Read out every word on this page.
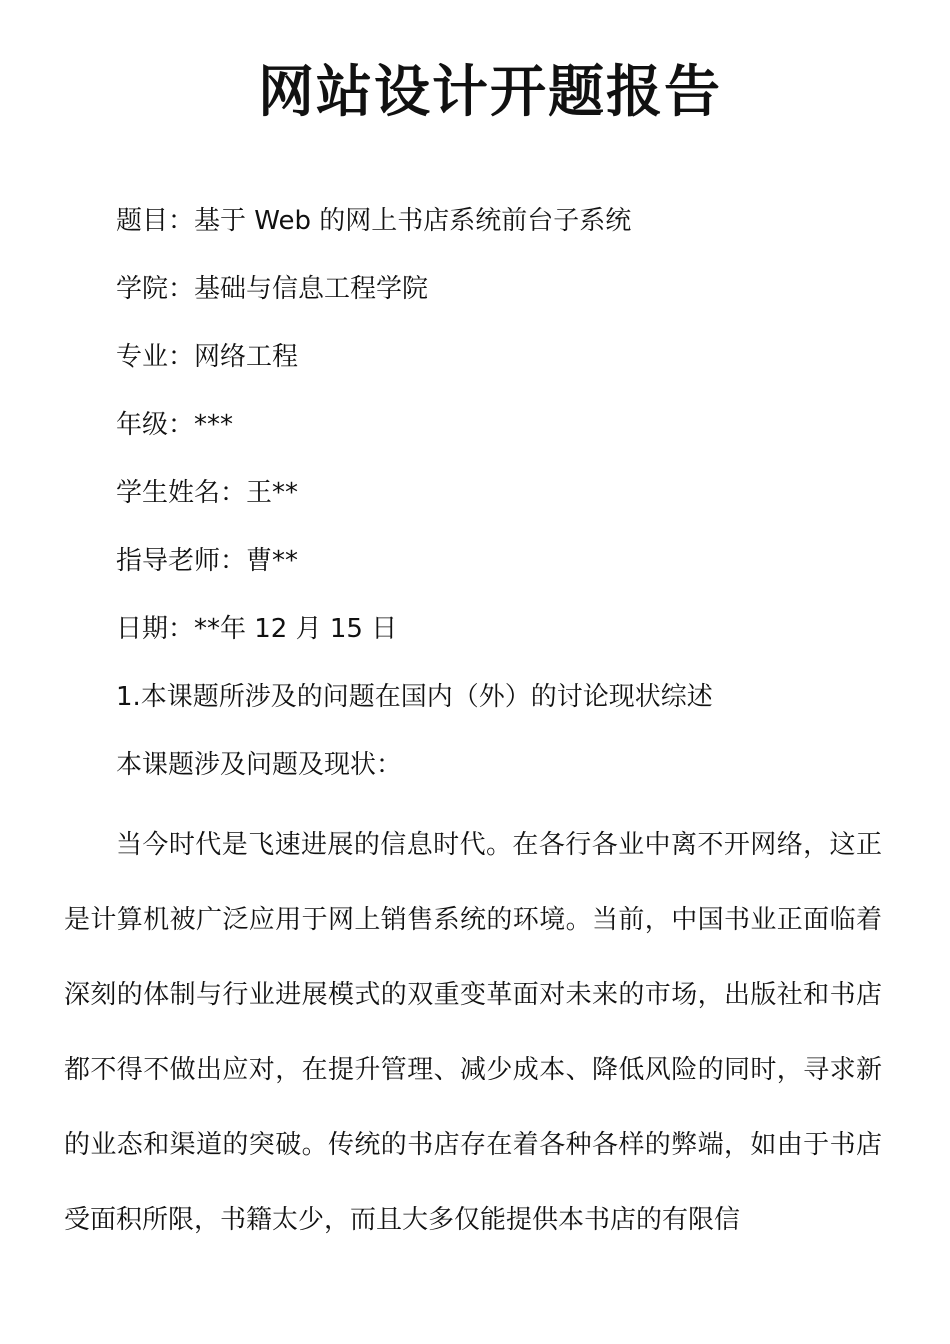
网站设计开题报告

题目：基于 Web 的网上书店系统前台子系统

学院：基础与信息工程学院

专业：网络工程

年级：***

学生姓名：王**

指导老师：曹**

日期：**年 12 月 15 日

1.本课题所涉及的问题在国内（外）的讨论现状综述

本课题涉及问题及现状：

当今时代是飞速进展的信息时代。在各行各业中离不开网络，这正是计算机被广泛应用于网上销售系统的环境。当前，中国书业正面临着深刻的体制与行业进展模式的双重变革面对未来的市场，出版社和书店都不得不做出应对，在提升管理、减少成本、降低风险的同时，寻求新的业态和渠道的突破。传统的书店存在着各种各样的弊端，如由于书店受面积所限，书籍太少，而且大多仅能提供本书店的有限信
